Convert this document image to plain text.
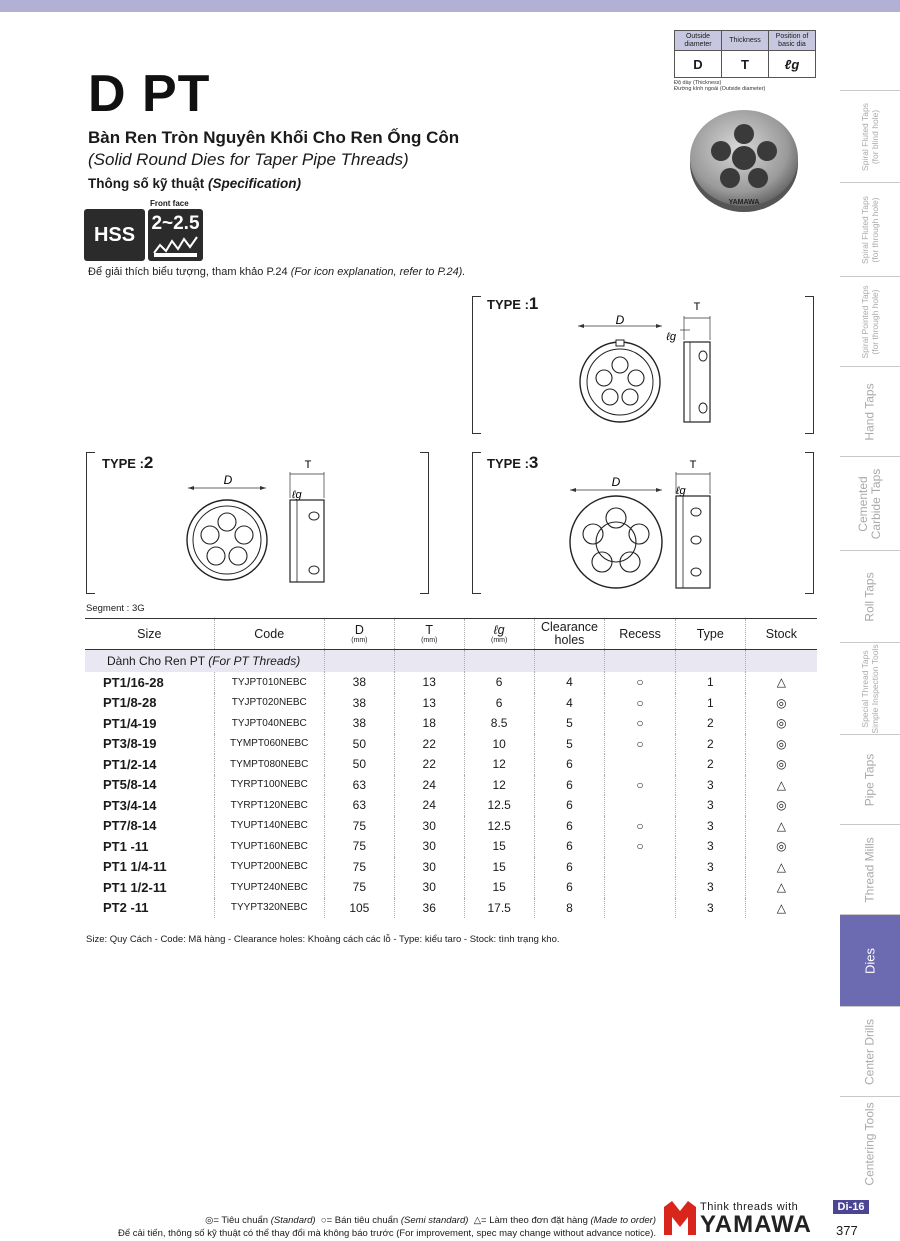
D PT
Bàn Ren Tròn Nguyên Khối Cho Ren Ống Côn
(Solid Round Dies for Taper Pipe Threads)
Thông số kỹ thuật (Specification)
HSS
Front face
2~2.5
Để giải thích biểu tượng, tham khảo P.24 (For icon explanation, refer to P.24).
Outside diameter	Thickness	Position of basic dia
D	T	ℓg
Độ dày (Thickness)
Đường kính ngoài (Outside diameter)
YAMAWA
TYPE :1
D
T
ℓg
TYPE :2
D
T
ℓg
TYPE :3
D
T
ℓg
Segment : 3G
Size	Code	D
(mm)	T
(mm)	ℓg
(mm)	Clearance holes	Recess	Type	Stock
Dành Cho Ren PT (For PT Threads)								
PT1/16-28	TYJPT010NEBC	38	13	6	4	○	1	△
PT1/8-28	TYJPT020NEBC	38	13	6	4	○	1	◎
PT1/4-19	TYJPT040NEBC	38	18	8.5	5	○	2	◎
PT3/8-19	TYMPT060NEBC	50	22	10	5	○	2	◎
PT1/2-14	TYMPT080NEBC	50	22	12	6		2	◎
PT5/8-14	TYRPT100NEBC	63	24	12	6	○	3	△
PT3/4-14	TYRPT120NEBC	63	24	12.5	6		3	◎
PT7/8-14	TYUPT140NEBC	75	30	12.5	6	○	3	△
PT1 -11	TYUPT160NEBC	75	30	15	6	○	3	◎
PT1 1/4-11	TYUPT200NEBC	75	30	15	6		3	△
PT1 1/2-11	TYUPT240NEBC	75	30	15	6		3	△
PT2 -11	TYYPT320NEBC	105	36	17.5	8		3	△
Size: Quy Cách - Code: Mã hàng - Clearance holes: Khoảng cách các lỗ - Type: kiểu taro - Stock: tình trạng kho.
◎= Tiêu chuẩn (Standard) ○= Bán tiêu chuẩn (Semi standard) △= Làm theo đơn đặt hàng (Made to order)
Để cải tiến, thông số kỹ thuật có thể thay đổi mà không báo trước (For improvement, spec may change without advance notice).
Think threads with
YAMAWA
Di-16
377
Spiral Fluted Taps
(for blind hole)
Spiral Fluted Taps
(for through hole)
Spiral Pointed Taps
(for through hole)
Hand Taps
Cemented
Carbide Taps
Roll Taps
Special Thread Taps
Simple Inspection Tools
Pipe Taps
Thread Mills
Dies
Center Drills
Centering Tools
